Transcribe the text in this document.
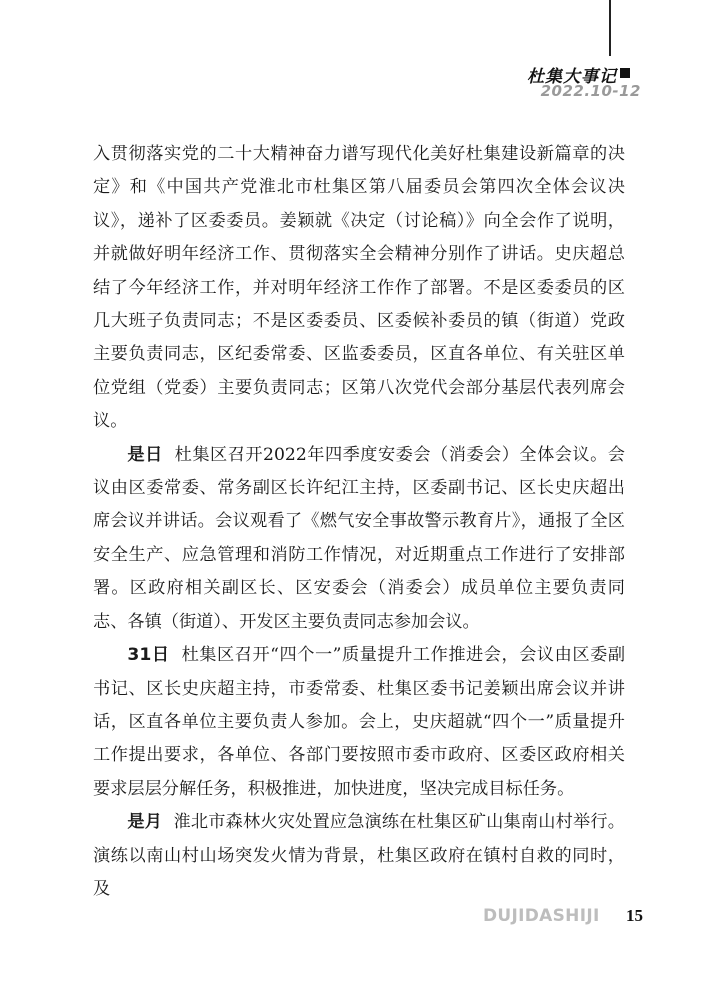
杜集大事记
2022.10-12

入贯彻落实党的二十大精神奋力谱写现代化美好杜集建设新篇章的决定》和《中国共产党淮北市杜集区第八届委员会第四次全体会议决议》，递补了区委委员。姜颖就《决定（讨论稿）》向全会作了说明，并就做好明年经济工作、贯彻落实全会精神分别作了讲话。史庆超总结了今年经济工作，并对明年经济工作作了部署。不是区委委员的区几大班子负责同志；不是区委委员、区委候补委员的镇（街道）党政主要负责同志，区纪委常委、区监委委员，区直各单位、有关驻区单位党组（党委）主要负责同志；区第八次党代会部分基层代表列席会议。

是日 杜集区召开2022年四季度安委会（消委会）全体会议。会议由区委常委、常务副区长许纪江主持，区委副书记、区长史庆超出席会议并讲话。会议观看了《燃气安全事故警示教育片》，通报了全区安全生产、应急管理和消防工作情况，对近期重点工作进行了安排部署。区政府相关副区长、区安委会（消委会）成员单位主要负责同志、各镇（街道）、开发区主要负责同志参加会议。

31日 杜集区召开“四个一”质量提升工作推进会，会议由区委副书记、区长史庆超主持，市委常委、杜集区委书记姜颖出席会议并讲话，区直各单位主要负责人参加。会上，史庆超就“四个一”质量提升工作提出要求，各单位、各部门要按照市委市政府、区委区政府相关要求层层分解任务，积极推进，加快进度，坚决完成目标任务。

是月 淮北市森林火灾处置应急演练在杜集区矿山集南山村举行。演练以南山村山场突发火情为背景，杜集区政府在镇村自救的同时，及

DUJIDASHIJI 15
